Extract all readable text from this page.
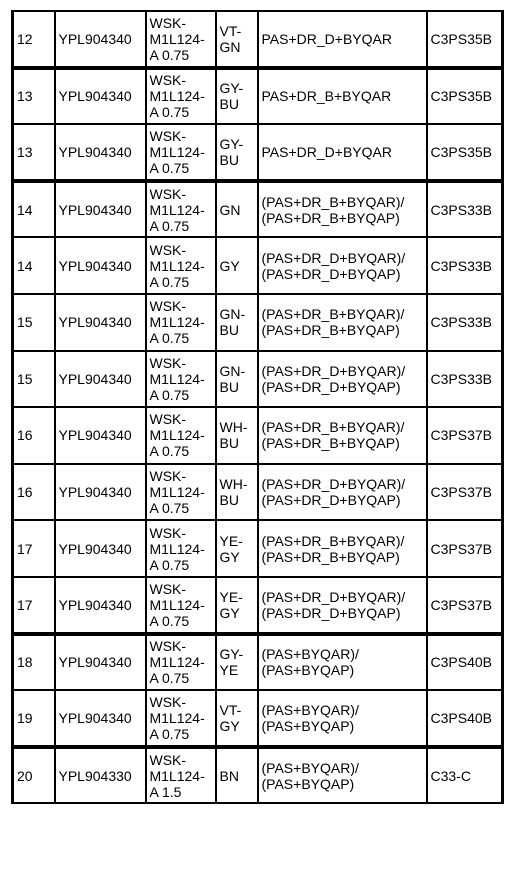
12	YPL904340	WSK-
M1L124-
A 0.75	VT-
GN	PAS+DR_D+BYQAR	C3PS35B
13	YPL904340	WSK-
M1L124-
A 0.75	GY-
BU	PAS+DR_B+BYQAR	C3PS35B
13	YPL904340	WSK-
M1L124-
A 0.75	GY-
BU	PAS+DR_D+BYQAR	C3PS35B
14	YPL904340	WSK-
M1L124-
A 0.75	GN	(PAS+DR_B+BYQAR)/
(PAS+DR_B+BYQAP)	C3PS33B
14	YPL904340	WSK-
M1L124-
A 0.75	GY	(PAS+DR_D+BYQAR)/
(PAS+DR_D+BYQAP)	C3PS33B
15	YPL904340	WSK-
M1L124-
A 0.75	GN-
BU	(PAS+DR_B+BYQAR)/
(PAS+DR_B+BYQAP)	C3PS33B
15	YPL904340	WSK-
M1L124-
A 0.75	GN-
BU	(PAS+DR_D+BYQAR)/
(PAS+DR_D+BYQAP)	C3PS33B
16	YPL904340	WSK-
M1L124-
A 0.75	WH-
BU	(PAS+DR_B+BYQAR)/
(PAS+DR_B+BYQAP)	C3PS37B
16	YPL904340	WSK-
M1L124-
A 0.75	WH-
BU	(PAS+DR_D+BYQAR)/
(PAS+DR_D+BYQAP)	C3PS37B
17	YPL904340	WSK-
M1L124-
A 0.75	YE-
GY	(PAS+DR_B+BYQAR)/
(PAS+DR_B+BYQAP)	C3PS37B
17	YPL904340	WSK-
M1L124-
A 0.75	YE-
GY	(PAS+DR_D+BYQAR)/
(PAS+DR_D+BYQAP)	C3PS37B
18	YPL904340	WSK-
M1L124-
A 0.75	GY-
YE	(PAS+BYQAR)/
(PAS+BYQAP)	C3PS40B
19	YPL904340	WSK-
M1L124-
A 0.75	VT-
GY	(PAS+BYQAR)/
(PAS+BYQAP)	C3PS40B
20	YPL904330	WSK-
M1L124-
A 1.5	BN	(PAS+BYQAR)/
(PAS+BYQAP)	C33-C
